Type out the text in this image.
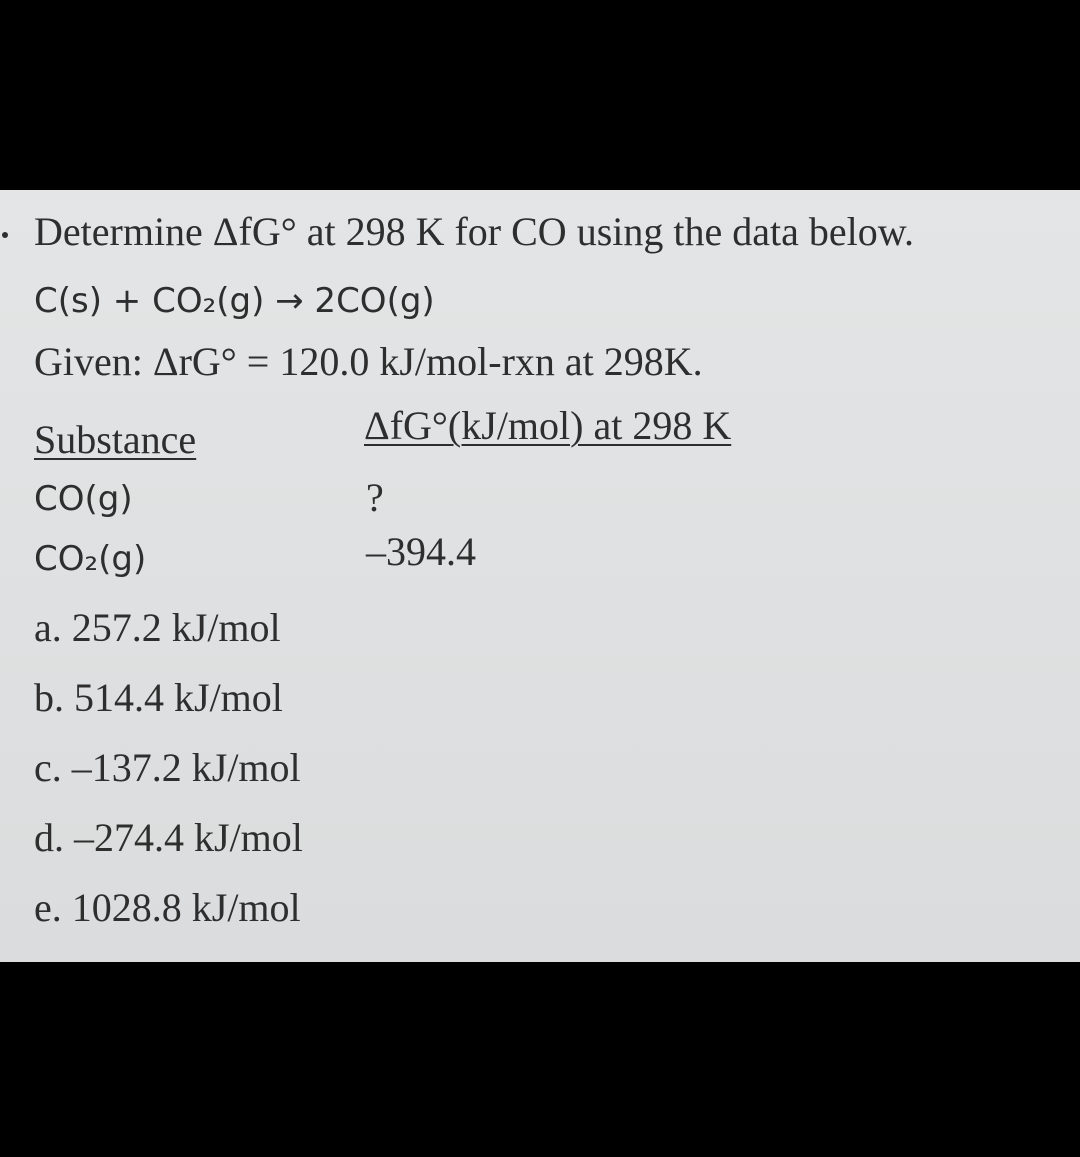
Determine ΔfG° at 298 K for CO using the data below.
C(s) + CO₂(g) → 2CO(g)
Given: ΔrG° = 120.0 kJ/mol-rxn at 298K.
Substance	ΔfG°(kJ/mol) at 298 K
CO(g)	?
CO₂(g)	–394.4
a. 257.2 kJ/mol
b. 514.4 kJ/mol
c. –137.2 kJ/mol
d. –274.4 kJ/mol
e. 1028.8 kJ/mol
